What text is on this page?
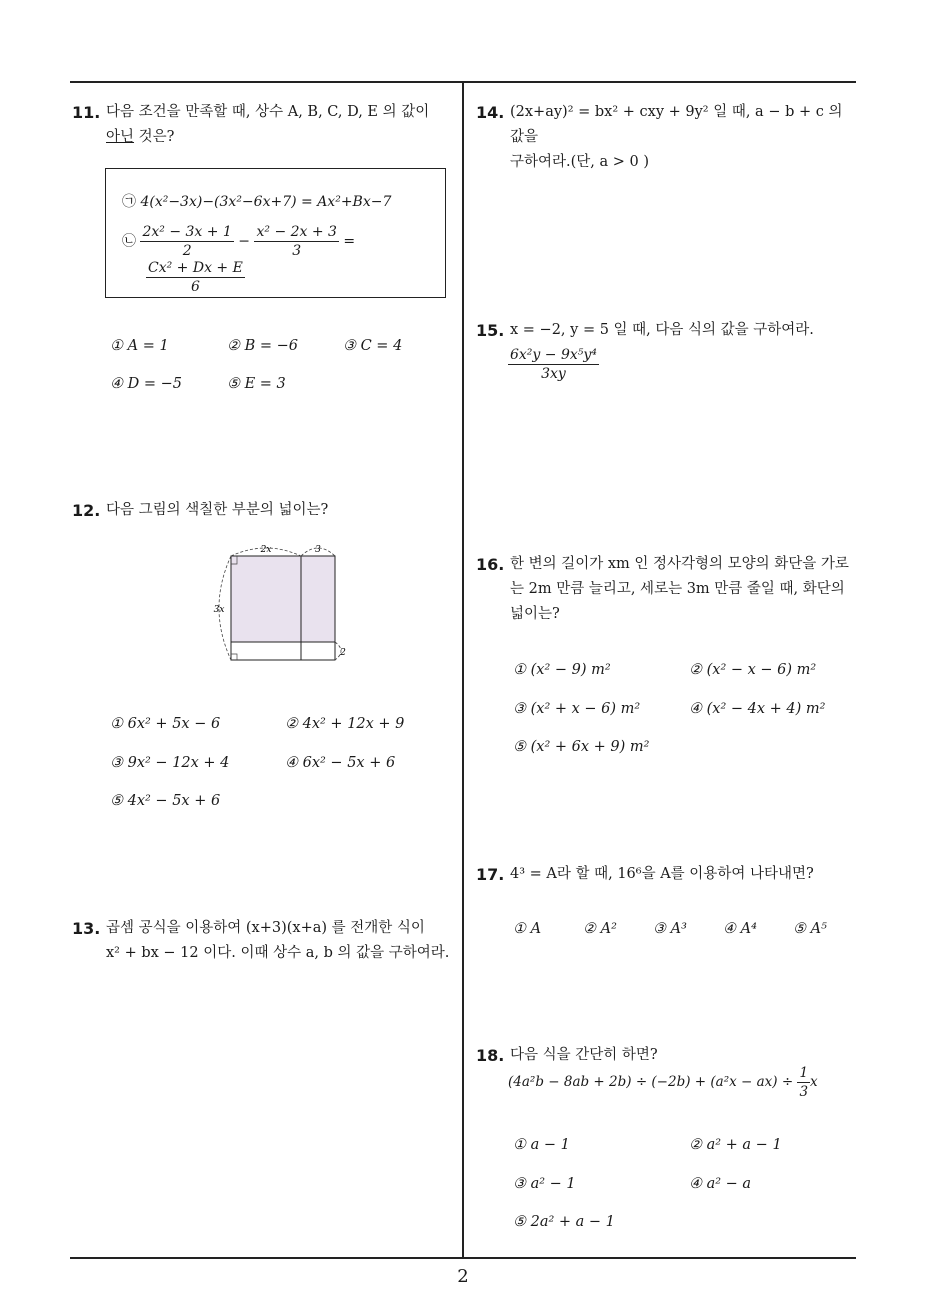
11. 다음 조건을 만족할 때, 상수 A, B, C, D, E 의 값이
아닌 것은?
㉠ 4(x²−3x)−(3x²−6x+7) = Ax²+Bx−7
㉡ $\frac{\text{2x² − 3x + 1}}{2} - \frac{\text{x² − 2x + 3}}{3}$ =
$\frac{\text{Cx² + Dx + E}}{6}$
① A = 1	② B = −6	③ C = 4
④ D = −5	⑤ E = 3
12. 다음 그림의 색칠한 부분의 넓이는?
2x	3
3x
2
① 6x² + 5x − 6	② 4x² + 12x + 9
③ 9x² − 12x + 4	④ 6x² − 5x + 6
⑤ 4x² − 5x + 6
13. 곱셈 공식을 이용하여 (x+3)(x+a) 를 전개한 식이
x² + bx − 12 이다. 이때 상수 a, b 의 값을 구하여라.
14. (2x+ay)² = bx² + cxy + 9y² 일 때, a − b + c 의 값을
구하여라.(단, a > 0 )
15. x = −2, y = 5 일 때, 다음 식의 값을 구하여라.
$\frac{\text{6x²y − 9x⁵y⁴}}{3xy}$
16. 한 변의 길이가 xm 인 정사각형의 모양의 화단을 가로
는 2m 만큼 늘리고, 세로는 3m 만큼 줄일 때, 화단의
넓이는?
① (x² − 9) m²	② (x² − x − 6) m²
③ (x² + x − 6) m²	④ (x² − 4x + 4) m²
⑤ (x² + 6x + 9) m²
17. 4³ = A라 할 때, 16⁶을 A를 이용하여 나타내면?
① A	② A² ③ A³ ④ A⁴ ⑤ A⁵
18. 다음 식을 간단히 하면?
$(4a^2b - 8ab + 2b) \div (-2b) + (a^2x - ax) \div \frac{1}{3}$ x
① a − 1	② a² + a − 1
③ a² − 1	④ a² − a
⑤ 2a² + a − 1
2
